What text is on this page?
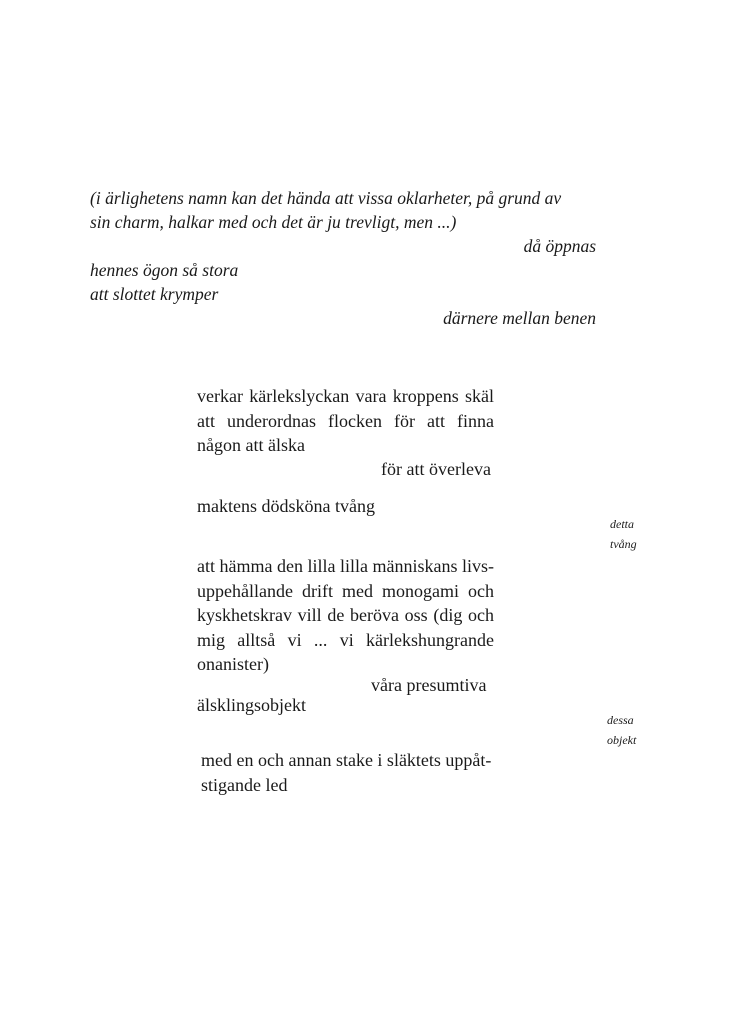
(i ärlighetens namn kan det hända att vissa oklarheter, på grund av
sin charm, halkar med och det är ju trevligt, men ...)
då öppnas
hennes ögon så stora
att slottet krymper
därnere mellan benen
verkar kärlekslyckan vara kroppens skäl
att underordnas flocken för att finna
någon att älska
för att överleva
maktens dödsköna tvång
detta
tvång
att hämma den lilla lilla människans livs-
uppehållande drift med monogami och
kyskhetskrav vill de beröva oss (dig och
mig alltså vi ... vi kärlekshungrande
onanister)
våra presumtiva
älsklingsobjekt
dessa
objekt
med en och annan stake i släktets uppåt-
stigande led
